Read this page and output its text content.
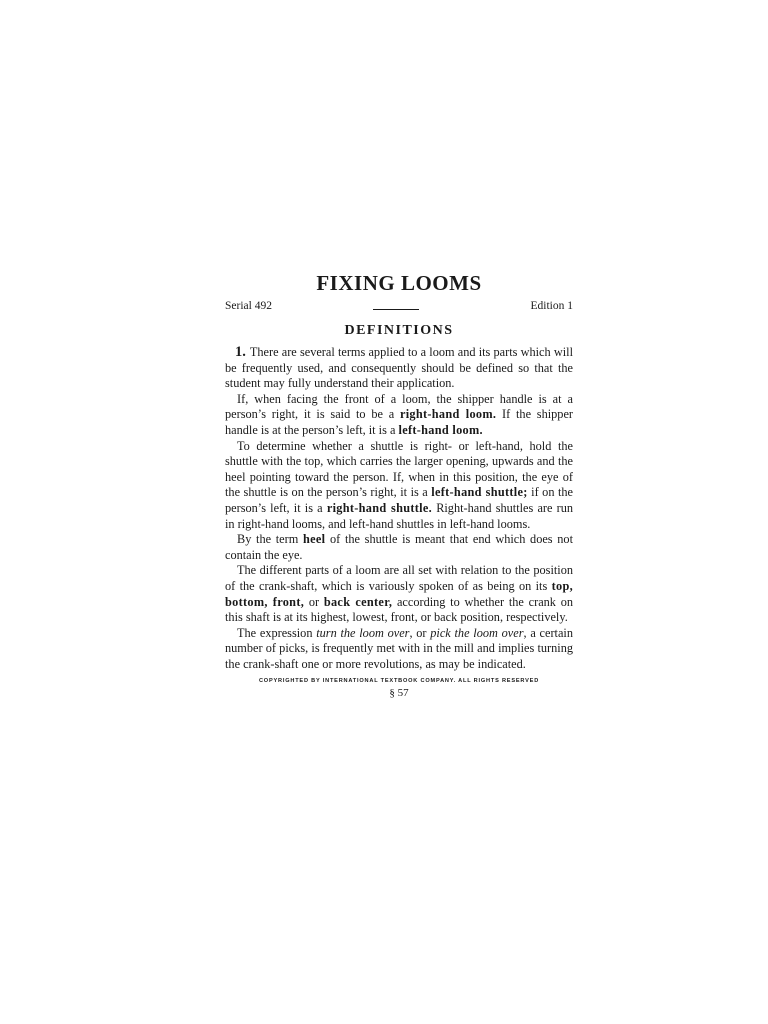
FIXING LOOMS
Serial 492	Edition 1
DEFINITIONS

1. There are several terms applied to a loom and its parts which will be frequently used, and consequently should be defined so that the student may fully understand their application.

If, when facing the front of a loom, the shipper handle is at a person’s right, it is said to be a right-hand loom. If the shipper handle is at the person’s left, it is a left-hand loom.

To determine whether a shuttle is right- or left-hand, hold the shuttle with the top, which carries the larger opening, upwards and the heel pointing toward the person. If, when in this position, the eye of the shuttle is on the person’s right, it is a left-hand shuttle; if on the person’s left, it is a right-hand shuttle. Right-hand shuttles are run in right-hand looms, and left-hand shuttles in left-hand looms.

By the term heel of the shuttle is meant that end which does not contain the eye.

The different parts of a loom are all set with relation to the position of the crank-shaft, which is variously spoken of as being on its top, bottom, front, or back center, according to whether the crank on this shaft is at its highest, lowest, front, or back position, respectively.

The expression turn the loom over, or pick the loom over, a certain number of picks, is frequently met with in the mill and implies turning the crank-shaft one or more revolutions, as may be indicated.

COPYRIGHTED BY INTERNATIONAL TEXTBOOK COMPANY. ALL RIGHTS RESERVED
§ 57
